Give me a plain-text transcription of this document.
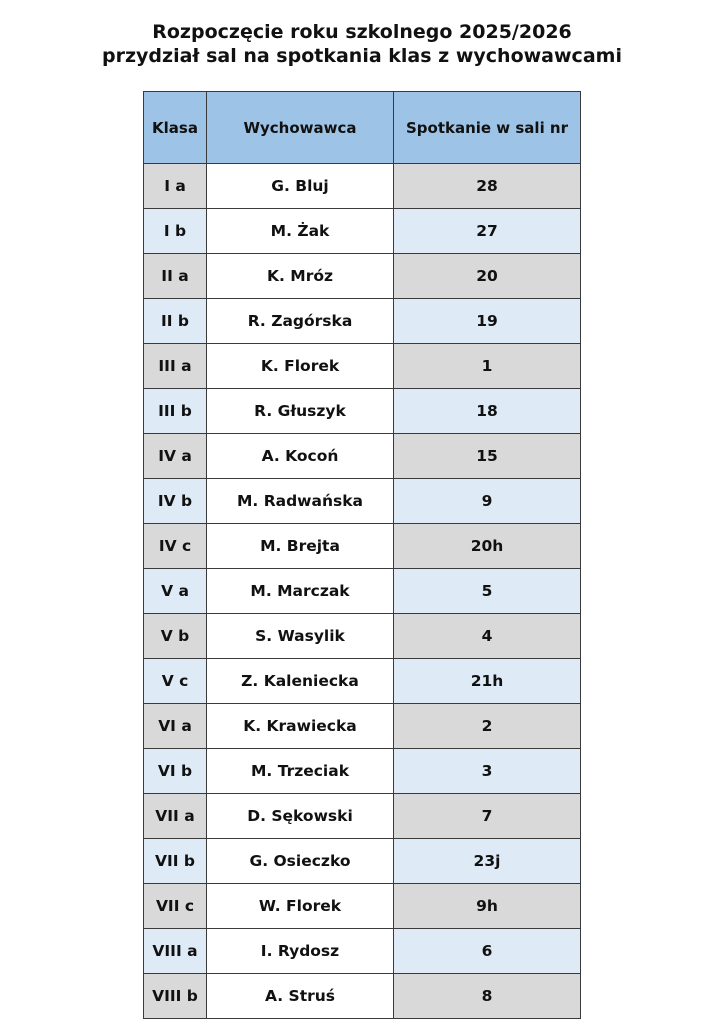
Rozpoczęcie roku szkolnego 2025/2026
przydział sal na spotkania klas z wychowawcami
Klasa	Wychowawca	Spotkanie w sali nr
I a	G. Bluj	28
I b	M. Żak	27
II a	K. Mróz	20
II b	R. Zagórska	19
III a	K. Florek	1
III b	R. Głuszyk	18
IV a	A. Kocoń	15
IV b	M. Radwańska	9
IV c	M. Brejta	20h
V a	M. Marczak	5
V b	S. Wasylik	4
V c	Z. Kaleniecka	21h
VI a	K. Krawiecka	2
VI b	M. Trzeciak	3
VII a	D. Sękowski	7
VII b	G. Osieczko	23j
VII c	W. Florek	9h
VIII a	I. Rydosz	6
VIII b	A. Struś	8
